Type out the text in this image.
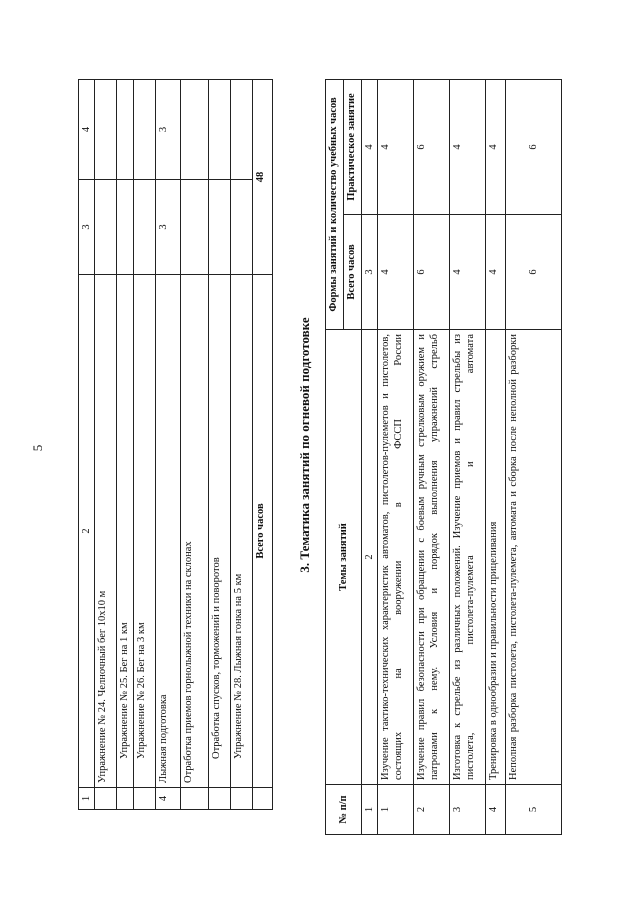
5
1	2	3	4
	Упражнение № 24. Челночный бег 10х10 м		
	Упражнение № 25. Бег на 1 км		
	Упражнение № 26. Бег на 3 км		
4	Лыжная подготовка	3	3
	Отработка приемов горнолыжной техники на склонах		
	Отработка спусков, торможений и поворотов		
	Упражнение № 28. Лыжная гонка на 5 км		
	Всего часов	48	
3. Тематика занятий по огневой подготовке
№ п/п	Темы занятий	Формы занятий и количество учебных часов	
		Всего часов	Практическое занятие
1	2	3	4
1	Изучение тактико-технических характеристик автоматов, пистолетов-пулеметов и пистолетов, состоящих на вооружении в ФССП России	4	4
2	Изучение правил безопасности при обращении с боевым ручным стрелковым оружием и патронами к нему. Условия и порядок выполнения упражнений стрельб	6	6
3	Изготовка к стрельбе из различных положений. Изучение приемов и правил стрельбы из пистолета, пистолета-пулемета и автомата	4	4
4	Тренировка в однообразии и правильности прицеливания	4	4
5	Неполная разборка пистолета, пистолета-пулемета, автомата и сборка после неполной разборки	6	6
